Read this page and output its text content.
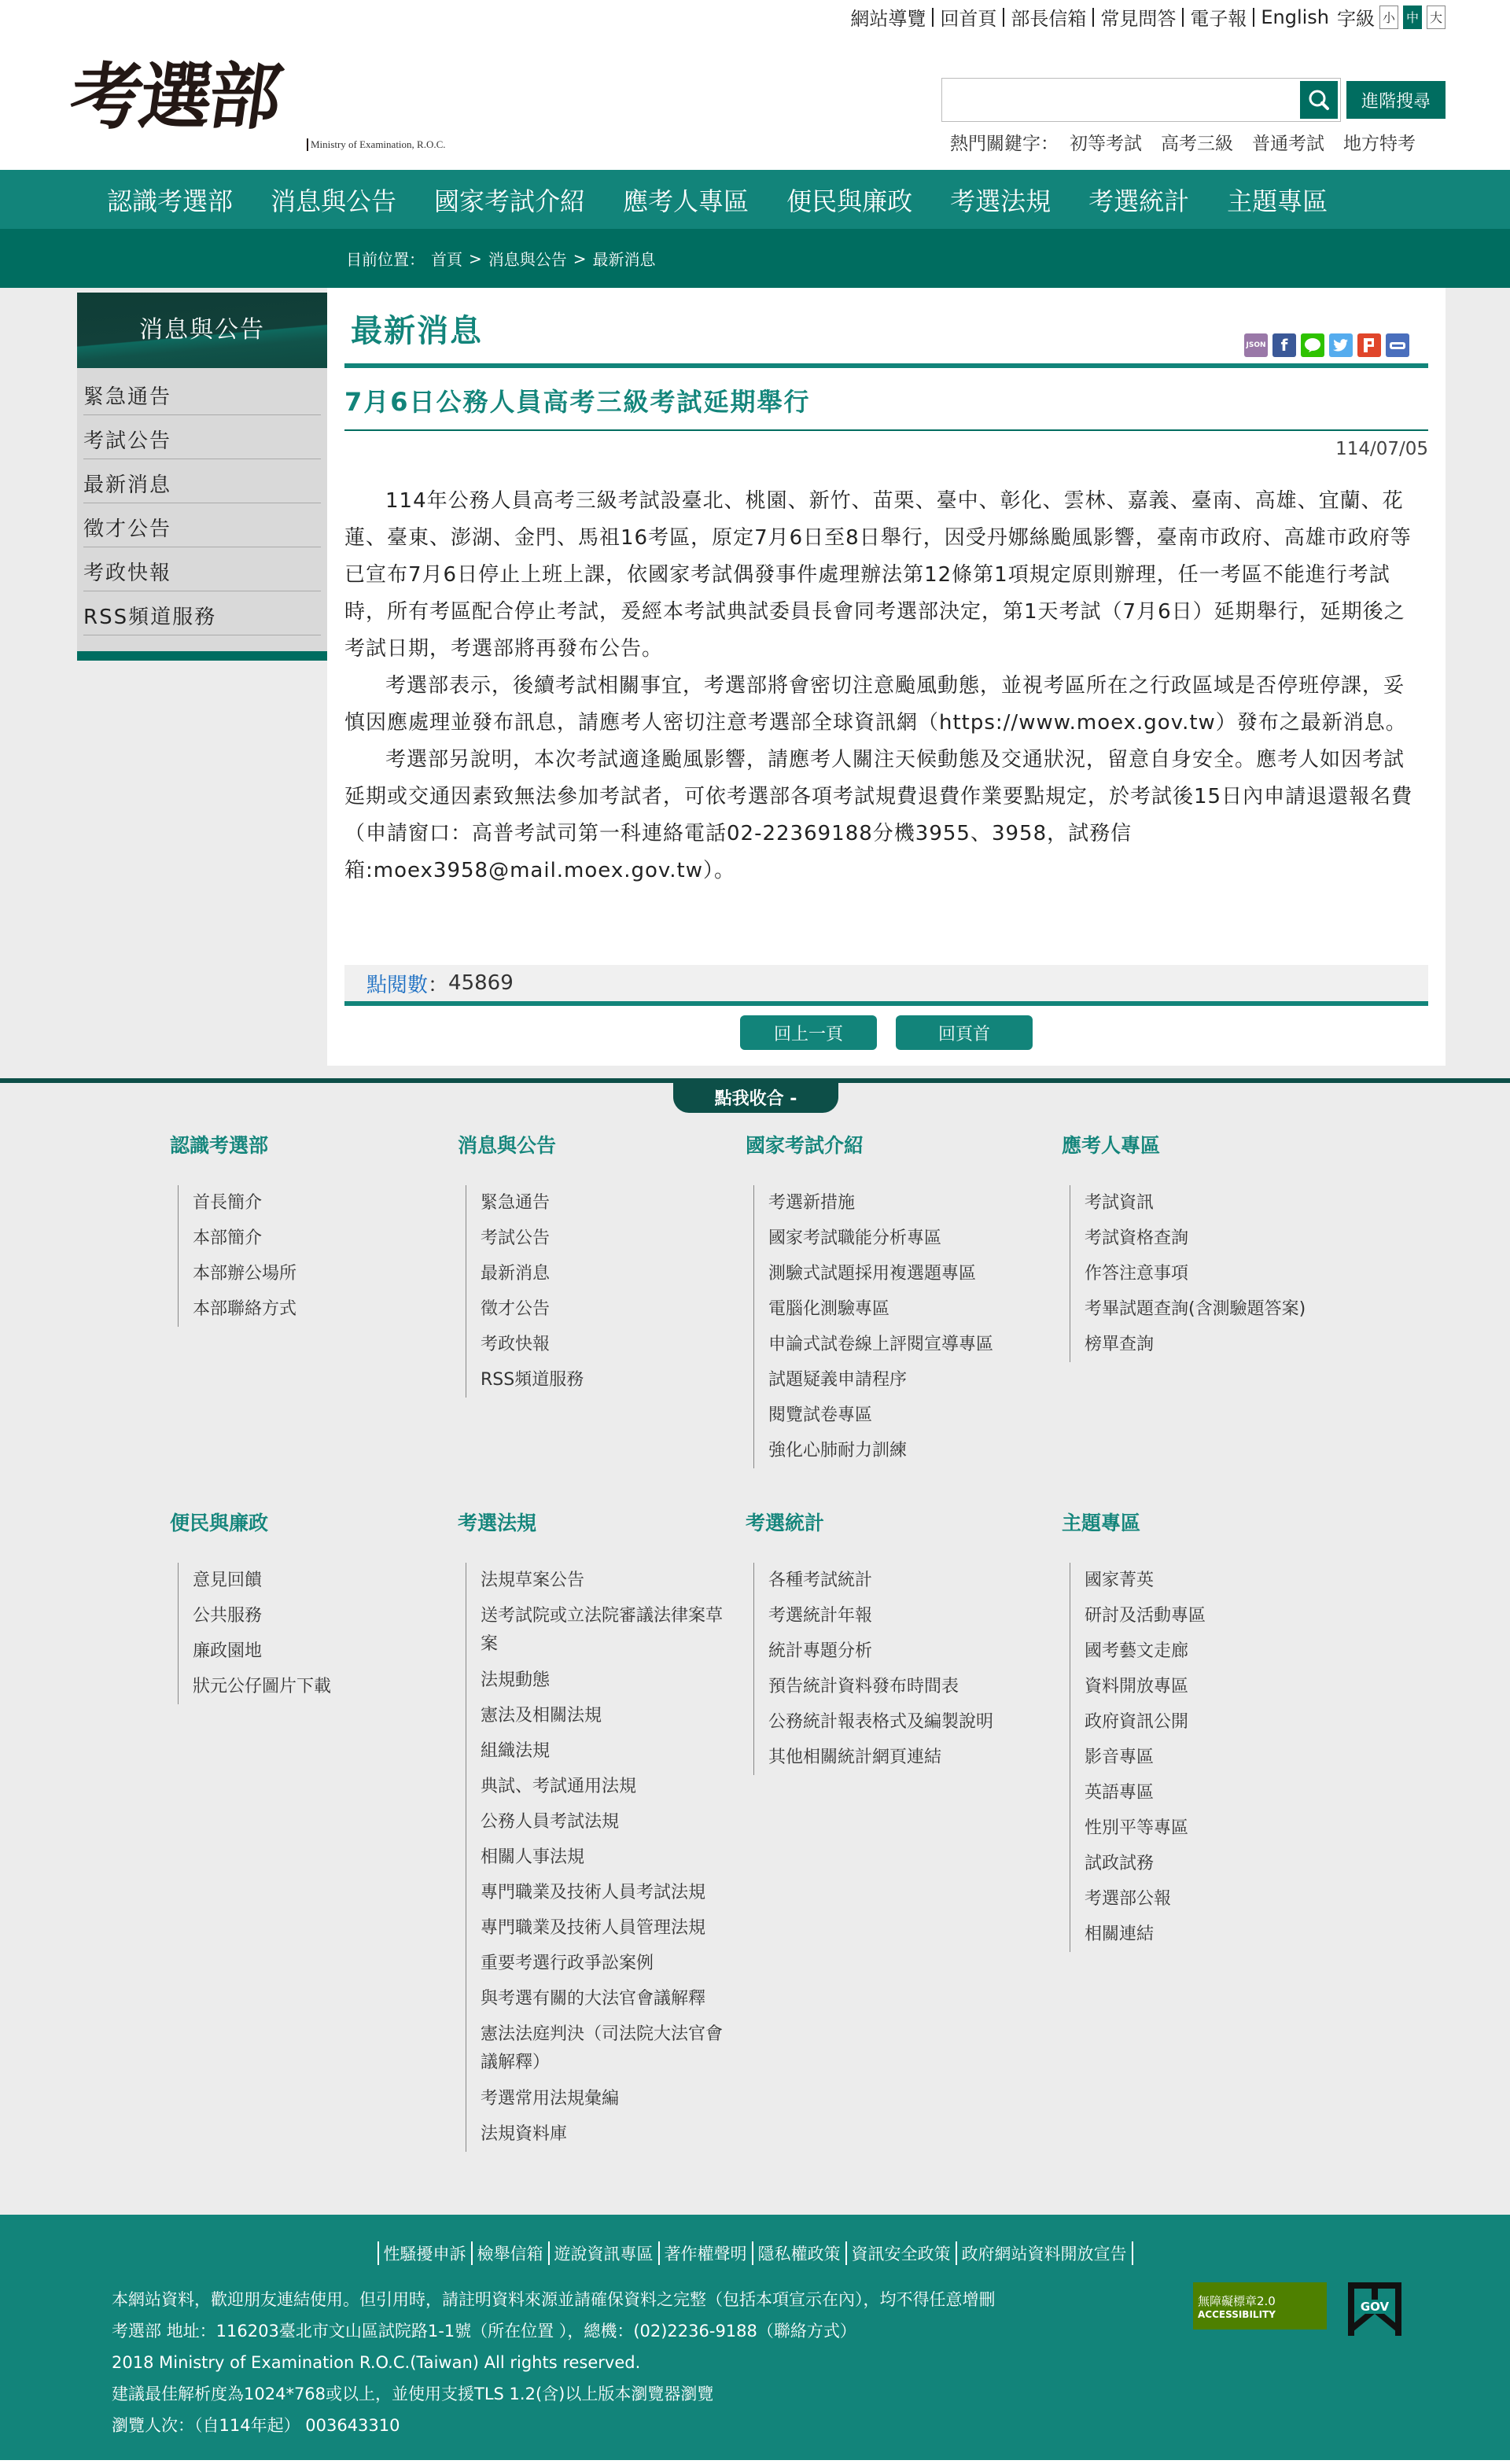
考選部
Ministry of Examination, R.O.C.
網站導覽 回首頁 部長信箱 常見問答 電子報 English 字級 小 中 大
進階搜尋
熱門關鍵字： 初等考試 高考三級 普通考試 地方特考
認識考選部 消息與公告 國家考試介紹 應考人專區 便民與廉政 考選法規 考選統計 主題專區
目前位置： 首頁 > 消息與公告 > 最新消息
消息與公告
緊急通告
考試公告
最新消息
徵才公告
考政快報
RSS頻道服務
最新消息	JSON f
7月6日公務人員高考三級考試延期舉行
114/07/05

114年公務人員高考三級考試設臺北、桃園、新竹、苗栗、臺中、彰化、雲林、嘉義、臺南、高雄、宜蘭、花蓮、臺東、澎湖、金門、馬祖16考區，原定7月6日至8日舉行，因受丹娜絲颱風影響，臺南市政府、高雄市政府等已宣布7月6日停止上班上課，依國家考試偶發事件處理辦法第12條第1項規定原則辦理，任一考區不能進行考試時，所有考區配合停止考試，爰經本考試典試委員長會同考選部決定，第1天考試（7月6日）延期舉行，延期後之考試日期，考選部將再發布公告。

考選部表示，後續考試相關事宜，考選部將會密切注意颱風動態，並視考區所在之行政區域是否停班停課，妥慎因應處理並發布訊息，請應考人密切注意考選部全球資訊網（https://www.moex.gov.tw）發布之最新消息。

考選部另說明，本次考試適逢颱風影響，請應考人關注天候動態及交通狀況，留意自身安全。應考人如因考試延期或交通因素致無法參加考試者，可依考選部各項考試規費退費作業要點規定，於考試後15日內申請退還報名費（申請窗口：高普考試司第一科連絡電話02-22369188分機3955、3958，試務信箱:moex3958@mail.moex.gov.tw）。

點閱數 ： 45869
回上一頁	回頁首
點我收合 -
認識考選部
首長簡介
本部簡介
本部辦公場所
本部聯絡方式
消息與公告
緊急通告
考試公告
最新消息
徵才公告
考政快報
RSS頻道服務
國家考試介紹
考選新措施
國家考試職能分析專區
測驗式試題採用複選題專區
電腦化測驗專區
申論式試卷線上評閱宣導專區
試題疑義申請程序
閱覽試卷專區
強化心肺耐力訓練
應考人專區
考試資訊
考試資格查詢
作答注意事項
考畢試題查詢(含測驗題答案)
榜單查詢
便民與廉政
意見回饋
公共服務
廉政園地
狀元公仔圖片下載
考選法規
法規草案公告
送考試院或立法院審議法律案草案
法規動態
憲法及相關法規
組織法規
典試、考試通用法規
公務人員考試法規
相關人事法規
專門職業及技術人員考試法規
專門職業及技術人員管理法規
重要考選行政爭訟案例
與考選有關的大法官會議解釋
憲法法庭判決（司法院大法官會議解釋）
考選常用法規彙編
法規資料庫
考選統計
各種考試統計
考選統計年報
統計專題分析
預告統計資料發布時間表
公務統計報表格式及編製說明
其他相關統計網頁連結
主題專區
國家菁英
研討及活動專區
國考藝文走廊
資料開放專區
政府資訊公開
影音專區
英語專區
性別平等專區
試政試務
考選部公報
相關連結
性騷擾申訴 檢舉信箱 遊說資訊專區 著作權聲明 隱私權政策 資訊安全政策 政府網站資料開放宣告
本網站資料，歡迎朋友連結使用。但引用時，請註明資料來源並請確保資料之完整（包括本項宣示在內），均不得任意增刪
考選部 地址：116203臺北市文山區試院路1-1號（所在位置 ），總機：(02)2236-9188（聯絡方式）
2018 Ministry of Examination R.O.C.(Taiwan) All rights reserved.
建議最佳解析度為1024*768或以上，並使用支援TLS 1.2(含)以上版本瀏覽器瀏覽
瀏覽人次：（自114年起） 003643310
無障礙標章2.0
ACCESSIBILITY
GOV
